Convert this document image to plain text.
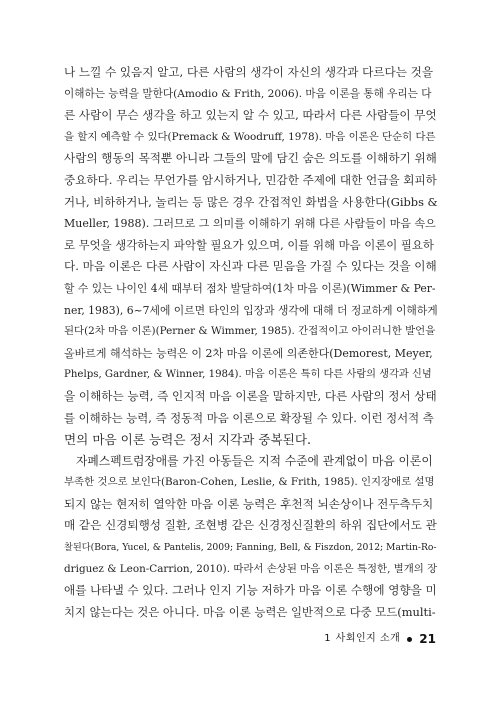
나 느낄 수 있음지 알고, 다른 사람의 생각이 자신의 생각과 다르다는 것을
이해하는 능력을 말한다(Amodio & Frith, 2006). 마음 이론을 통해 우리는 다
른 사람이 무슨 생각을 하고 있는지 알 수 있고, 따라서 다른 사람들이 무엇
을 할지 예측할 수 있다(Premack & Woodruff, 1978). 마음 이론은 단순히 다른
사람의 행동의 목적뿐 아니라 그들의 말에 담긴 숨은 의도를 이해하기 위해
중요하다. 우리는 무언가를 암시하거나, 민감한 주제에 대한 언급을 회피하
거나, 비하하거나, 놀리는 등 많은 경우 간접적인 화법을 사용한다(Gibbs &
Mueller, 1988). 그러므로 그 의미를 이해하기 위해 다른 사람들이 마음 속으
로 무엇을 생각하는지 파악할 필요가 있으며, 이를 위해 마음 이론이 필요하
다. 마음 이론은 다른 사람이 자신과 다른 믿음을 가질 수 있다는 것을 이해
할 수 있는 나이인 4세 때부터 점차 발달하여(1차 마음 이론)(Wimmer & Per-
ner, 1983), 6~7세에 이르면 타인의 입장과 생각에 대해 더 정교하게 이해하게
된다(2차 마음 이론)(Perner & Wimmer, 1985). 간접적이고 아이러니한 발언을
올바르게 해석하는 능력은 이 2차 마음 이론에 의존한다(Demorest, Meyer,
Phelps, Gardner, & Winner, 1984). 마음 이론은 특히 다른 사람의 생각과 신념
을 이해하는 능력, 즉 인지적 마음 이론을 말하지만, 다른 사람의 정서 상태
를 이해하는 능력, 즉 정동적 마음 이론으로 확장될 수 있다. 이런 정서적 측
면의 마음 이론 능력은 정서 지각과 중복된다.
자폐스펙트럼장애를 가진 아동들은 지적 수준에 관계없이 마음 이론이
부족한 것으로 보인다(Baron-Cohen, Leslie, & Frith, 1985). 인지장애로 설명
되지 않는 현저히 열악한 마음 이론 능력은 후천적 뇌손상이나 전두측두치
매 같은 신경퇴행성 질환, 조현병 같은 신경정신질환의 하위 집단에서도 관
찰된다(Bora, Yucel, & Pantelis, 2009; Fanning, Bell, & Fiszdon, 2012; Martin-Ro-
driguez & Leon-Carrion, 2010). 따라서 손상된 마음 이론은 특정한, 별개의 장
애를 나타낼 수 있다. 그러나 인지 기능 저하가 마음 이론 수행에 영향을 미
치지 않는다는 것은 아니다. 마음 이론 능력은 일반적으로 다중 모드(multi-
1 사회인지 소개 21
